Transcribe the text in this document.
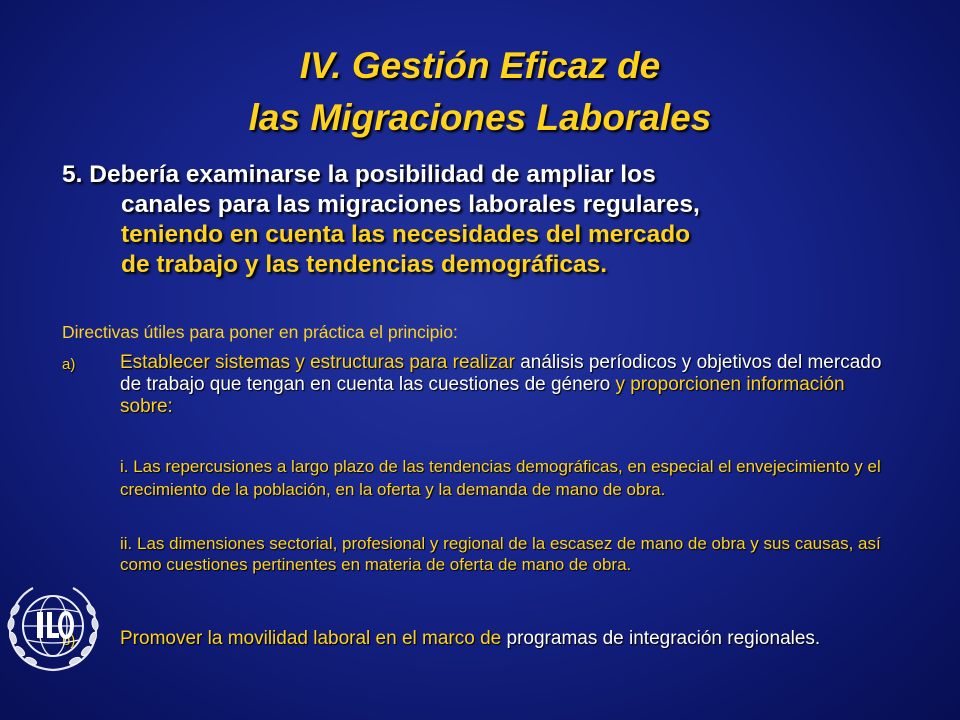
IV. Gestión Eficaz de
las Migraciones Laborales
5. Debería examinarse la posibilidad de ampliar los
canales para las migraciones laborales regulares,
teniendo en cuenta las necesidades del mercado
de trabajo y las tendencias demográficas.
Directivas útiles para poner en práctica el principio:
a) Establecer sistemas y estructuras para realizar análisis períodicos y objetivos del mercado de trabajo que tengan en cuenta las cuestiones de género y proporcionen información sobre:
i. Las repercusiones a largo plazo de las tendencias demográficas, en especial el envejecimiento y el crecimiento de la población, en la oferta y la demanda de mano de obra.
ii. Las dimensiones sectorial, profesional y regional de la escasez de mano de obra y sus causas, así como cuestiones pertinentes en materia de oferta de mano de obra.
b) Promover la movilidad laboral en el marco de programas de integración regionales.
